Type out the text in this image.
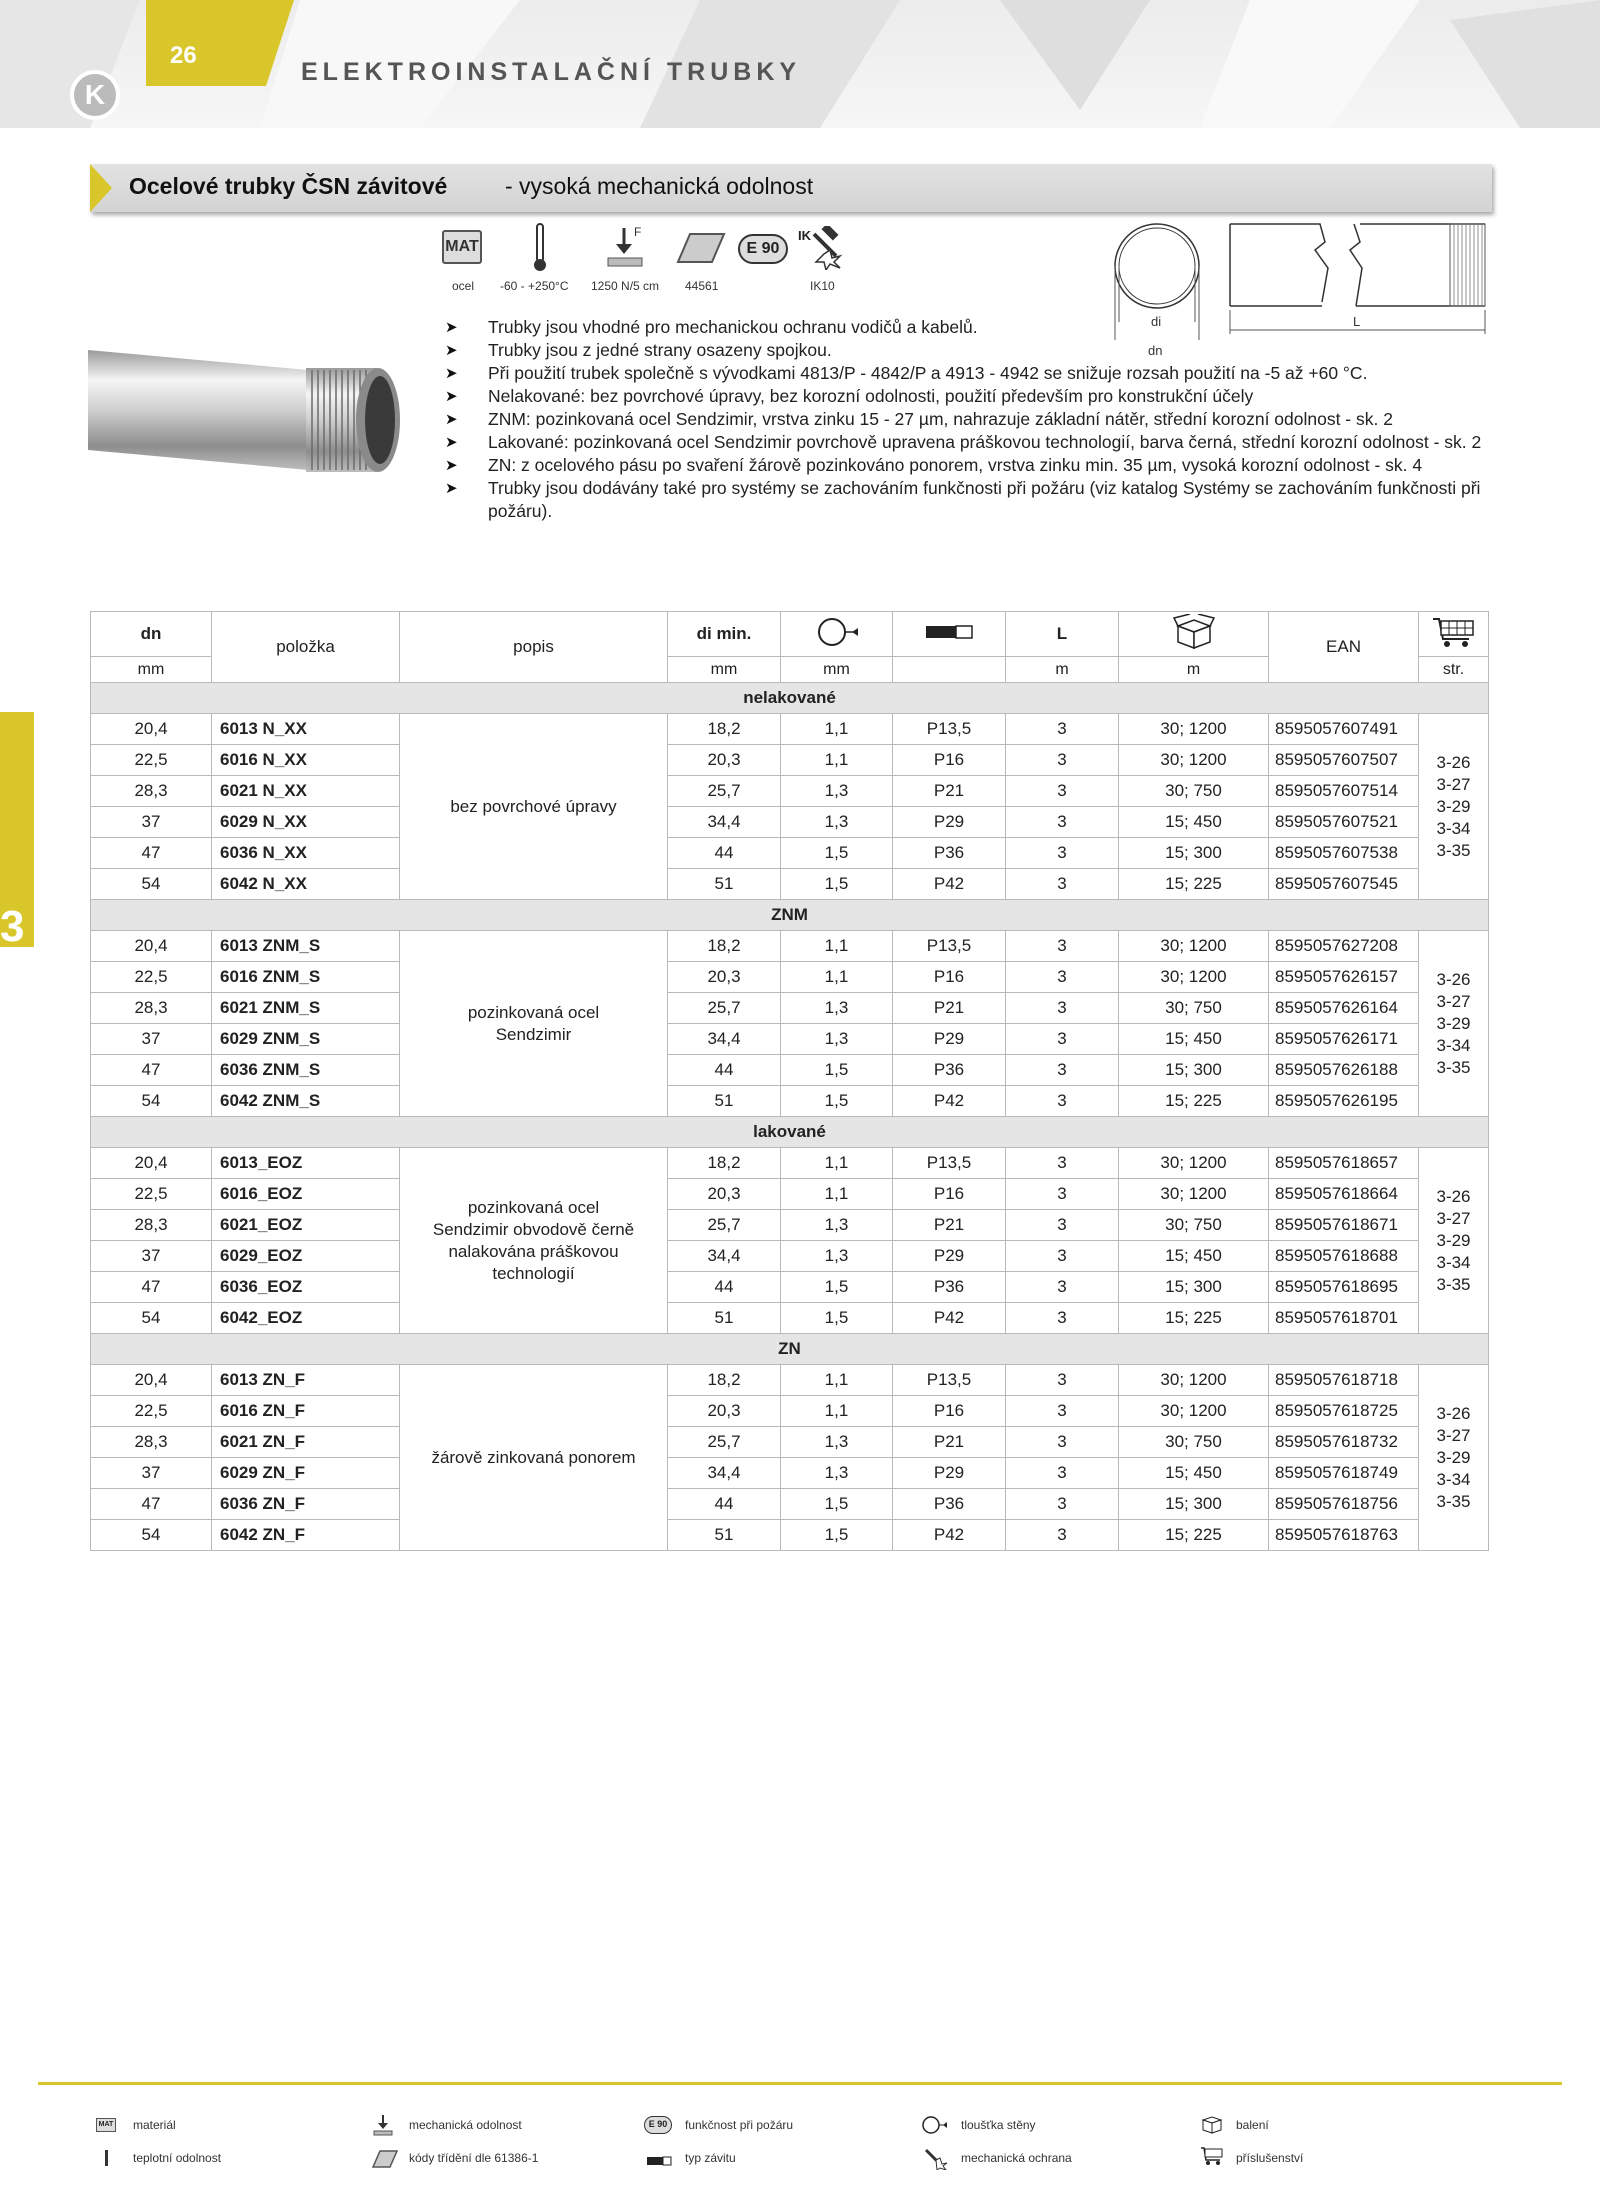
26
K
ELEKTROINSTALAČNÍ TRUBKY
Ocelové trubky ČSN závitové	- vysoká mechanická odolnost
MAT
ocel -60 - +250°C
F
1250 N/5 cm 44561
E 90
IK
IK10
di
dn
L
➤ Trubky jsou vhodné pro mechanickou ochranu vodičů a kabelů.
➤ Trubky jsou z jedné strany osazeny spojkou.
➤ Při použití trubek společně s vývodkami 4813/P - 4842/P a 4913 - 4942 se snižuje rozsah použití na -5 až +60 °C.
➤ Nelakované: bez povrchové úpravy, bez korozní odolnosti, použití především pro konstrukční účely
➤ ZNM: pozinkovaná ocel Sendzimir, vrstva zinku 15 - 27 µm, nahrazuje základní nátěr, střední korozní odolnost - sk. 2
➤ Lakované: pozinkovaná ocel Sendzimir povrchově upravena práškovou technologií, barva černá, střední korozní odolnost - sk. 2
➤ ZN: z ocelového pásu po svaření žárově pozinkováno ponorem, vrstva zinku min. 35 µm, vysoká korozní odolnost - sk. 4
➤ Trubky jsou dodávány také pro systémy se zachováním funkčnosti při požáru (viz katalog Systémy se zachováním funkčnosti při požáru).
3
dn	položka	popis	di min.			L		EAN	
mm			mm	mm		m	m		str.
nelakované									
20,4	6013 N_XX	bez povrchové úpravy	18,2	1,1	P13,5	3	30; 1200	8595057607491	3-26
3-27
3-29
3-34
3-35

22,5	6016 N_XX		20,3	1,1	P16	3	30; 1200	8595057607507	
28,3	6021 N_XX		25,7	1,3	P21	3	30; 750	8595057607514	
37	6029 N_XX		34,4	1,3	P29	3	15; 450	8595057607521	
47	6036 N_XX		44	1,5	P36	3	15; 300	8595057607538	
54	6042 N_XX		51	1,5	P42	3	15; 225	8595057607545	
ZNM									
20,4	6013 ZNM_S	pozinkovaná ocel Sendzimir	18,2	1,1	P13,5	3	30; 1200	8595057627208	3-26
3-27
3-29
3-34
3-35

22,5	6016 ZNM_S		20,3	1,1	P16	3	30; 1200	8595057626157	
28,3	6021 ZNM_S		25,7	1,3	P21	3	30; 750	8595057626164	
37	6029 ZNM_S		34,4	1,3	P29	3	15; 450	8595057626171	
47	6036 ZNM_S		44	1,5	P36	3	15; 300	8595057626188	
54	6042 ZNM_S		51	1,5	P42	3	15; 225	8595057626195	
lakované									
20,4	6013_EOZ	pozinkovaná ocel Sendzimir obvodově černě nalakována práškovou technologií	18,2	1,1	P13,5	3	30; 1200	8595057618657	3-26
3-27
3-29
3-34
3-35

22,5	6016_EOZ		20,3	1,1	P16	3	30; 1200	8595057618664	
28,3	6021_EOZ		25,7	1,3	P21	3	30; 750	8595057618671	
37	6029_EOZ		34,4	1,3	P29	3	15; 450	8595057618688	
47	6036_EOZ		44	1,5	P36	3	15; 300	8595057618695	
54	6042_EOZ		51	1,5	P42	3	15; 225	8595057618701	
ZN									
20,4	6013 ZN_F	žárově zinkovaná ponorem	18,2	1,1	P13,5	3	30; 1200	8595057618718	3-26
3-27
3-29
3-34
3-35

22,5	6016 ZN_F		20,3	1,1	P16	3	30; 1200	8595057618725	
28,3	6021 ZN_F		25,7	1,3	P21	3	30; 750	8595057618732	
37	6029 ZN_F		34,4	1,3	P29	3	15; 450	8595057618749	
47	6036 ZN_F		44	1,5	P36	3	15; 300	8595057618756	
54	6042 ZN_F		51	1,5	P42	3	15; 225	8595057618763	
MAT materiál
teplotní odolnost
mechanická odolnost
kódy třídění dle 61386-1
E 90	funkčnost při požáru
typ závitu
tloušťka stěny
mechanická ochrana
balení
příslušenství
